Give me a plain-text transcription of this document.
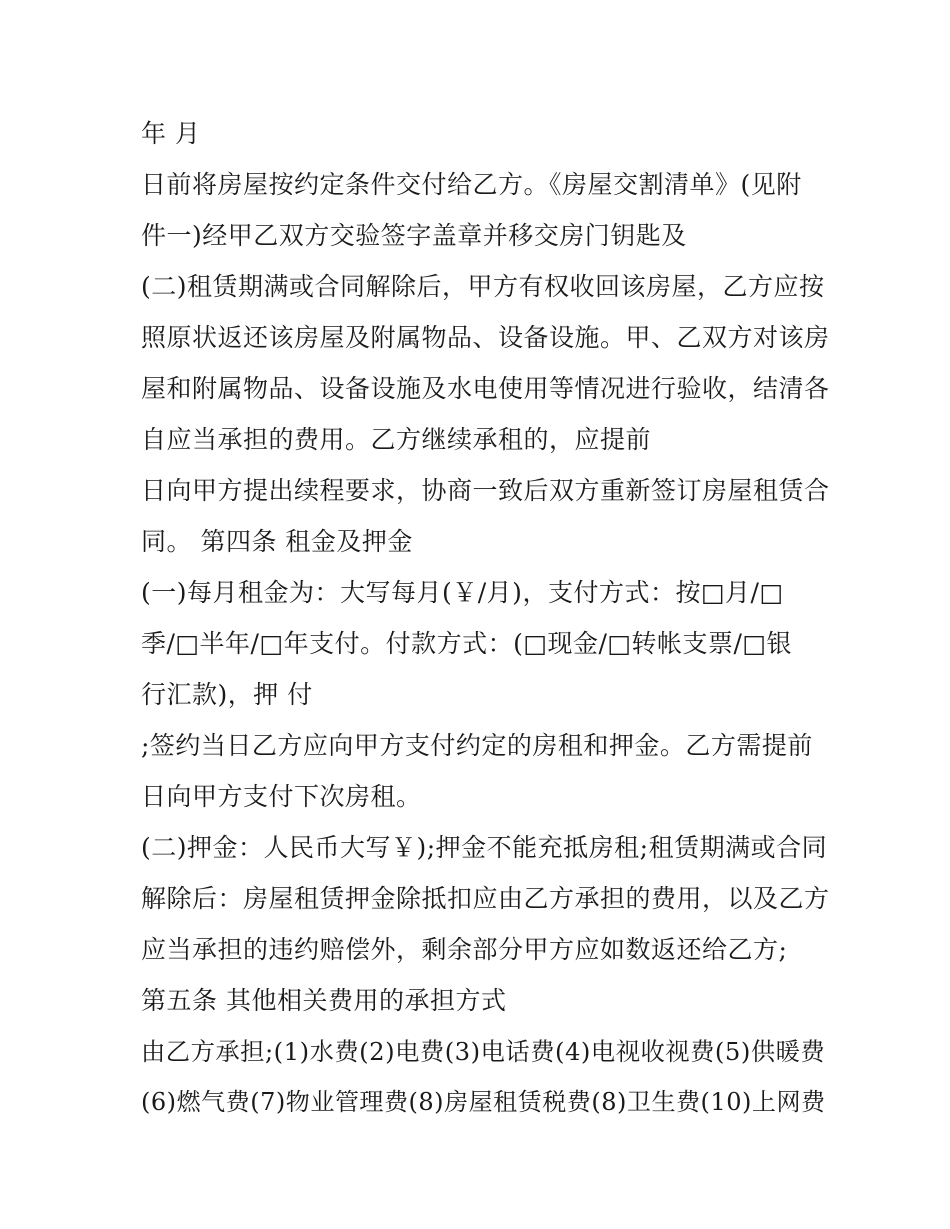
年 月
日前将房屋按约定条件交付给乙方。《房屋交割清单》(见附
件一)经甲乙双方交验签字盖章并移交房门钥匙及
(二)租赁期满或合同解除后，甲方有权收回该房屋，乙方应按
照原状返还该房屋及附属物品、设备设施。甲、乙双方对该房
屋和附属物品、设备设施及水电使用等情况进行验收，结清各
自应当承担的费用。乙方继续承租的，应提前
日向甲方提出续程要求，协商一致后双方重新签订房屋租赁合
同。 第四条 租金及押金
(一)每月租金为：大写每月(￥/月)，支付方式：按□月/□
季/□半年/□年支付。付款方式：(□现金/□转帐支票/□银
行汇款)，押 付
;签约当日乙方应向甲方支付约定的房租和押金。乙方需提前
日向甲方支付下次房租。
(二)押金：人民币大写￥);押金不能充抵房租;租赁期满或合同
解除后：房屋租赁押金除抵扣应由乙方承担的费用，以及乙方
应当承担的违约赔偿外，剩余部分甲方应如数返还给乙方;
第五条 其他相关费用的承担方式
由乙方承担;(1)水费(2)电费(3)电话费(4)电视收视费(5)供暖费
(6)燃气费(7)物业管理费(8)房屋租赁税费(8)卫生费(10)上网费
